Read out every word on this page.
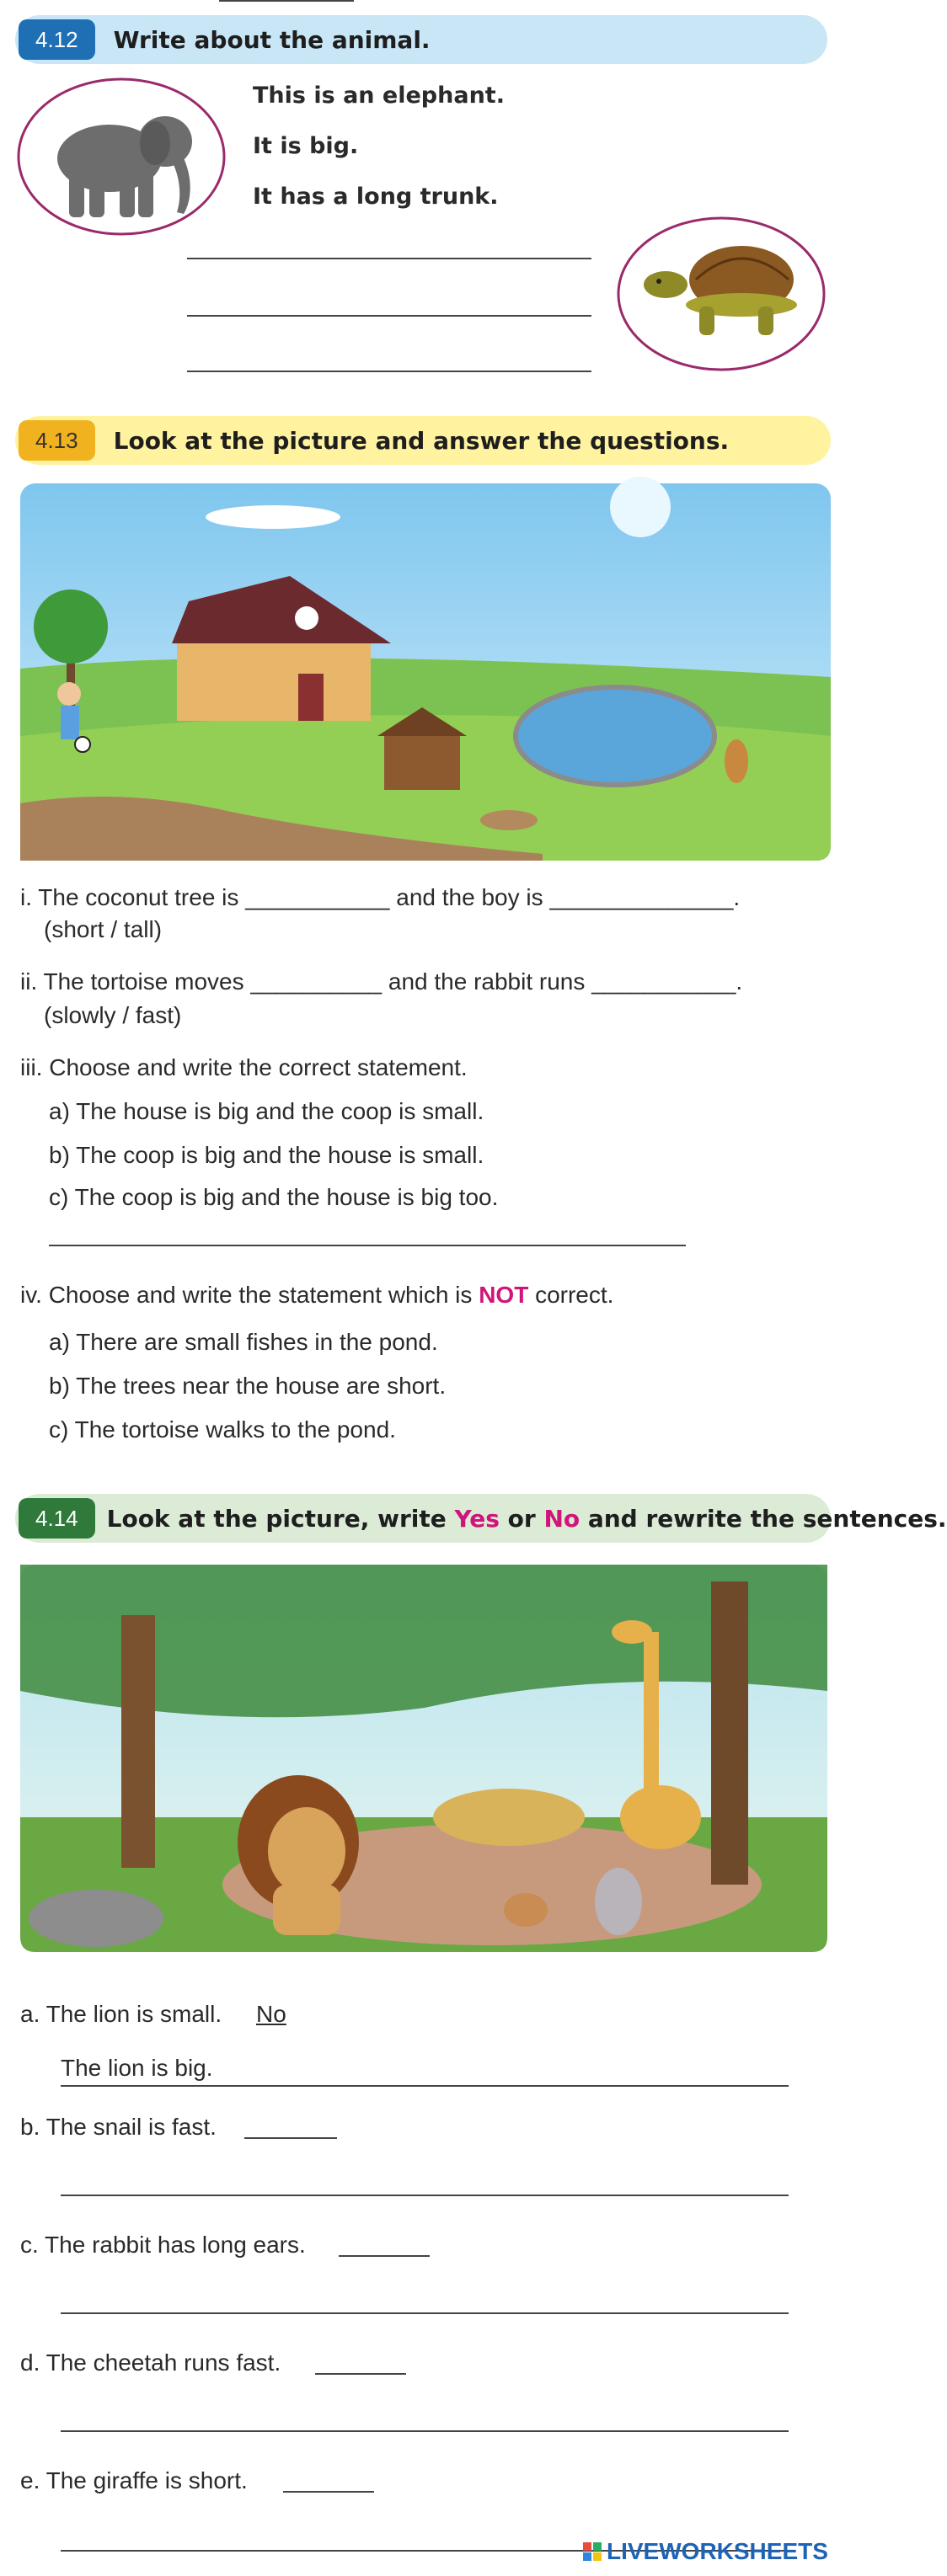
4.12	Write about the animal.
This is an elephant.
It is big.
It has a long trunk.
4.13	Look at the picture and answer the questions.
i. The coconut tree is ___________ and the boy is ______________.
(short / tall)
ii. The tortoise moves __________ and the rabbit runs ___________.
(slowly / fast)
iii. Choose and write the correct statement.
a) The house is big and the coop is small.
b) The coop is big and the house is small.
c) The coop is big and the house is big too.
iv. Choose and write the statement which is NOT correct.
a) There are small fishes in the pond.
b) The trees near the house are short.
c) The tortoise walks to the pond.
4.14	Look at the picture, write Yes or No and rewrite the sentences.
a. The lion is small. No
The lion is big.
b. The snail is fast.
c. The rabbit has long ears.
d. The cheetah runs fast.
e. The giraffe is short.
LIVEWORKSHEETS
